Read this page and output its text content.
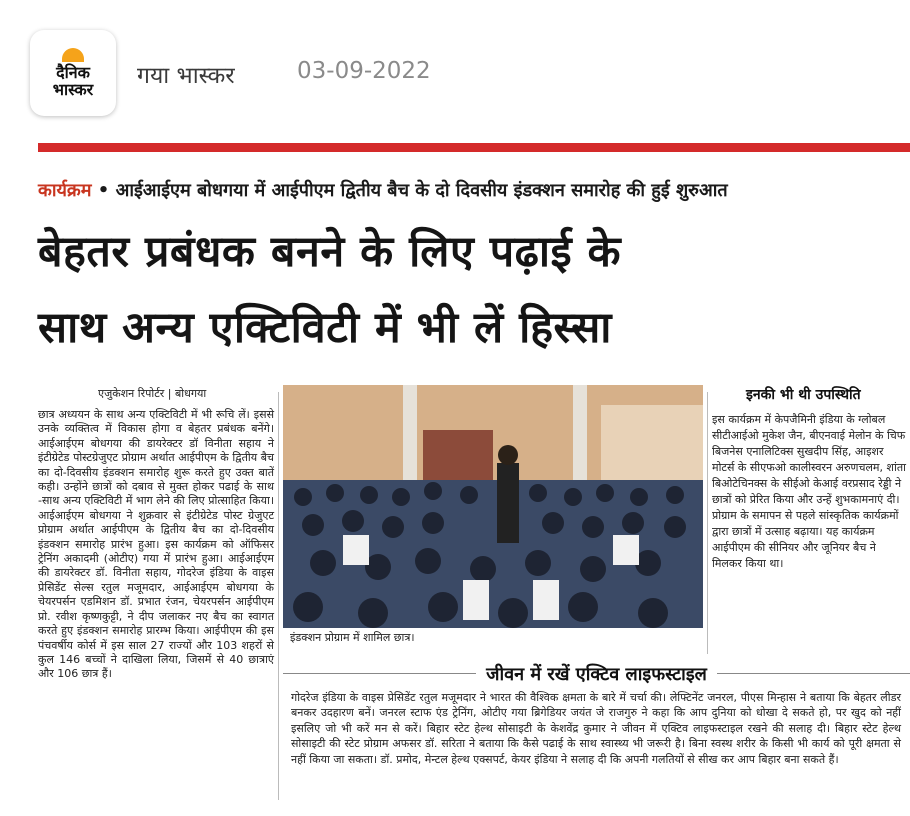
दैनिक
भास्कर
गया भास्कर	03-09-2022
कार्यक्रम • आईआईएम बोधगया में आईपीएम द्वितीय बैच के दो दिवसीय इंडक्शन समारोह की हुई शुरुआत
बेहतर प्रबंधक बनने के लिए पढ़ाई के
साथ अन्य एक्टिविटी में भी लें हिस्सा
एजुकेशन रिपोर्टर | बोधगया
छात्र अध्ययन के साथ अन्य एक्टिविटी में भी रूचि लें। इससे उनके व्यक्तित्व में विकास होगा व बेहतर प्रबंधक बनेंगे। आईआईएम बोधगया की डायरेक्टर डॉ विनीता सहाय ने इंटीग्रेटेड पोस्टग्रेजुएट प्रोग्राम अर्थात आईपीएम के द्वितीय बैच का दो-दिवसीय इंडक्शन समारोह शुरू करते हुए उक्त बातें कही। उन्होंने छात्रों को दबाव से मुक्त होकर पढाई के साथ -साथ अन्य एक्टिविटी में भाग लेने की लिए प्रोत्साहित किया। आईआईएम बोधगया ने शुक्रवार से इंटीग्रेटेड पोस्ट ग्रेजुएट प्रोग्राम अर्थात आईपीएम के द्वितीय बैच का दो-दिवसीय इंडक्शन समारोह प्रारंभ हुआ। इस कार्यक्रम को ऑफिसर ट्रेनिंग अकादमी (ओटीए) गया में प्रारंभ हुआ। आईआईएम की डायरेक्टर डॉ. विनीता सहाय, गोदरेज इंडिया के वाइस प्रेसिडेंट सेल्स रतुल मजूमदार, आईआईएम बोधगया के चेयरपर्सन एडमिशन डॉ. प्रभात रंजन, चेयरपर्सन आईपीएम प्रो. रवीश कृष्णकुट्टी, ने दीप जलाकर नए बैच का स्वागत करते हुए इंडक्शन समारोह प्रारम्भ किया। आईपीएम की इस पंचवर्षीय कोर्स में इस साल 27 राज्यों और 103 शहरों से कुल 146 बच्चों ने दाखिला लिया, जिसमें से 40 छात्राएं और 106 छात्र हैं।
इंडक्शन प्रोग्राम में शामिल छात्र।
इनकी भी थी उपस्थिति
इस कार्यक्रम में केपजैमिनी इंडिया के ग्लोबल सीटीआईओ मुकेश जैन, बीएनवाई मेलोन के चिफ बिजनेस एनालिटिक्स सुखदीप सिंह, आइशर मोटर्स के सीएफओ कालीस्वरन अरुणचलम, शांता बिओटेचिनक्स के सीईओ केआई वरप्रसाद रेड्डी ने छात्रों को प्रेरित किया और उन्हें शुभकामनाएं दी। प्रोग्राम के समापन से पहले सांस्कृतिक कार्यक्रमों द्वारा छात्रों में उत्साह बढ़ाया। यह कार्यक्रम आईपीएम की सीनियर और जूनियर बैच ने मिलकर किया था।
जीवन में रखें एक्टिव लाइफस्टाइल
गोदरेज इंडिया के वाइस प्रेसिडेंट रतुल मजूमदार ने भारत की वैश्विक क्षमता के बारे में चर्चा की। लेफ्टिनेंट जनरल, पीएस मिन्हास ने बताया कि बेहतर लीडर बनकर उदहारण बनें। जनरल स्टाफ एंड ट्रेनिंग, ओटीए गया ब्रिगेडियर जयंत जे राजगुरु ने कहा कि आप दुनिया को धोखा दे सकते हो, पर खुद को नहीं इसलिए जो भी करें मन से करें। बिहार स्टेट हेल्थ सोसाइटी के केशवेंद्र कुमार ने जीवन में एक्टिव लाइफस्टाइल रखने की सलाह दी। बिहार स्टेट हेल्थ सोसाइटी की स्टेट प्रोग्राम अफसर डॉ. सरिता ने बताया कि कैसे पढाई के साथ स्वास्थ्य भी जरूरी है। बिना स्वस्थ शरीर के किसी भी कार्य को पूरी क्षमता से नहीं किया जा सकता। डॉ. प्रमोद, मेन्टल हेल्थ एक्सपर्ट, केयर इंडिया ने सलाह दी कि अपनी गलतियों से सीख कर आप बिहार बना सकते हैं।
